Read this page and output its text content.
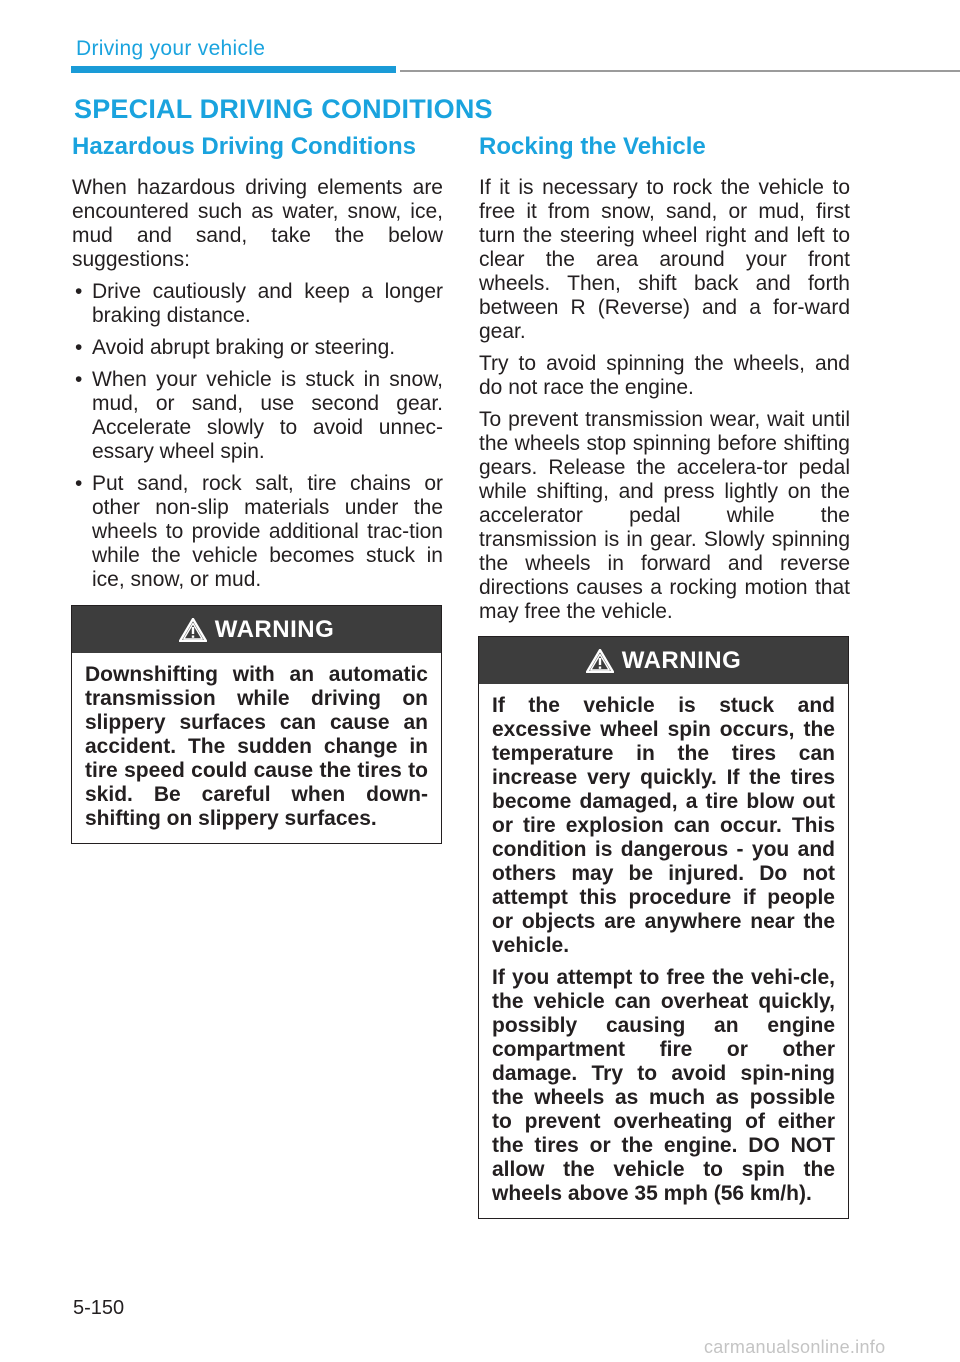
Driving your vehicle
SPECIAL DRIVING CONDITIONS
Hazardous Driving Conditions

When hazardous driving elements are encountered such as water, snow, ice, mud and sand, take the below suggestions:

• Drive cautiously and keep a longer braking distance.
• Avoid abrupt braking or steering.
• When your vehicle is stuck in snow, mud, or sand, use second gear. Accelerate slowly to avoid unnec-essary wheel spin.
• Put sand, rock salt, tire chains or other non-slip materials under the wheels to provide additional trac-tion while the vehicle becomes stuck in ice, snow, or mud.
WARNING

Downshifting with an automatic transmission while driving on slippery surfaces can cause an accident. The sudden change in tire speed could cause the tires to skid. Be careful when down-shifting on slippery surfaces.

Rocking the Vehicle

If it is necessary to rock the vehicle to free it from snow, sand, or mud, first turn the steering wheel right and left to clear the area around your front wheels. Then, shift back and forth between R (Reverse) and a for-ward gear.

Try to avoid spinning the wheels, and do not race the engine.

To prevent transmission wear, wait until the wheels stop spinning before shifting gears. Release the accelera-tor pedal while shifting, and press lightly on the accelerator pedal while the transmission is in gear. Slowly spinning the wheels in forward and reverse directions causes a rocking motion that may free the vehicle.

WARNING

If the vehicle is stuck and excessive wheel spin occurs, the temperature in the tires can increase very quickly. If the tires become damaged, a tire blow out or tire explosion can occur. This condition is dangerous - you and others may be injured. Do not attempt this procedure if people or objects are anywhere near the vehicle.

If you attempt to free the vehi-cle, the vehicle can overheat quickly, possibly causing an engine compartment fire or other damage. Try to avoid spin-ning the wheels as much as possible to prevent overheating of either the tires or the engine. DO NOT allow the vehicle to spin the wheels above 35 mph (56 km/h).

5-150
carmanualsonline.info
